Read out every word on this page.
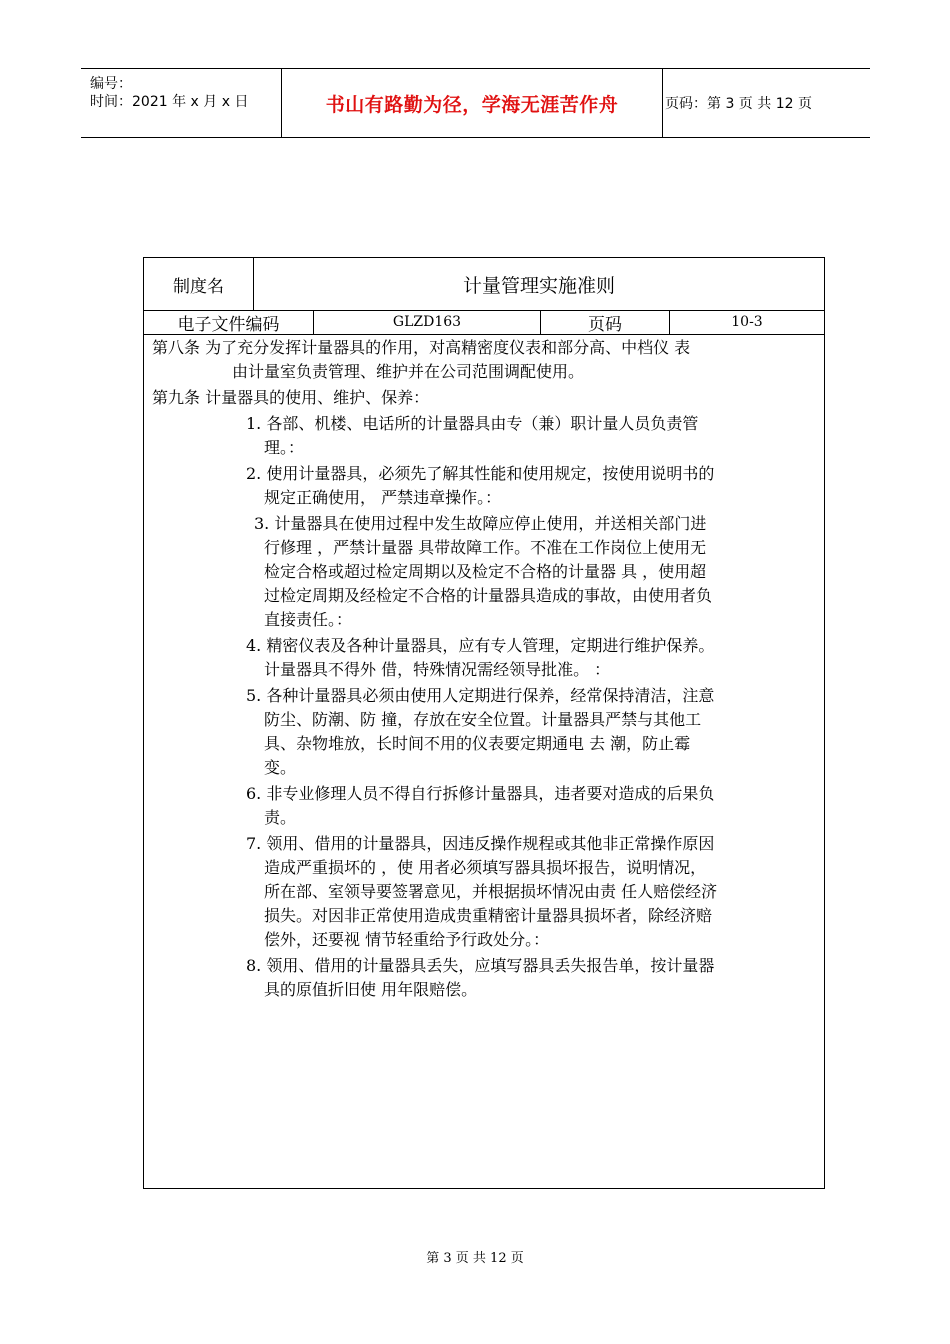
编号：
时间：2021 年 x 月 x 日	书山有路勤为径，学海无涯苦作舟	页码：第 3 页 共 12 页
制度名	计量管理实施准则
电子文件编码	GLZD163	页码	10-3
第八条 为了充分发挥计量器具的作用，对高精密度仪表和部分高、中档仪 表
由计量室负责管理、维护并在公司范围调配使用。
第九条 计量器具的使用、维护、保养：
1. 各部、机楼、电话所的计量器具由专（兼）职计量人员负责管
理。：
2. 使用计量器具，必须先了解其性能和使用规定，按使用说明书的
规定正确使用， 严禁违章操作。：
3. 计量器具在使用过程中发生故障应停止使用，并送相关部门进
行修理 ，严禁计量器 具带故障工作。不准在工作岗位上使用无
检定合格或超过检定周期以及检定不合格的计量器 具 ，使用超
过检定周期及经检定不合格的计量器具造成的事故，由使用者负
直接责任。：
4. 精密仪表及各种计量器具，应有专人管理，定期进行维护保养。
计量器具不得外 借，特殊情况需经领导批准。 ：
5. 各种计量器具必须由使用人定期进行保养，经常保持清洁，注意
防尘、防潮、防 撞，存放在安全位置。计量器具严禁与其他工
具、杂物堆放，长时间不用的仪表要定期通电 去 潮，防止霉
变。
6. 非专业修理人员不得自行拆修计量器具，违者要对造成的后果负
责。
7. 领用、借用的计量器具，因违反操作规程或其他非正常操作原因
造成严重损坏的 ，使 用者必须填写器具损坏报告，说明情况，
所在部、室领导要签署意见，并根据损坏情况由责 任人赔偿经济
损失。对因非正常使用造成贵重精密计量器具损坏者，除经济赔
偿外，还要视 情节轻重给予行政处分。：
8. 领用、借用的计量器具丢失，应填写器具丢失报告单，按计量器
具的原值折旧使 用年限赔偿。
第 3 页 共 12 页
